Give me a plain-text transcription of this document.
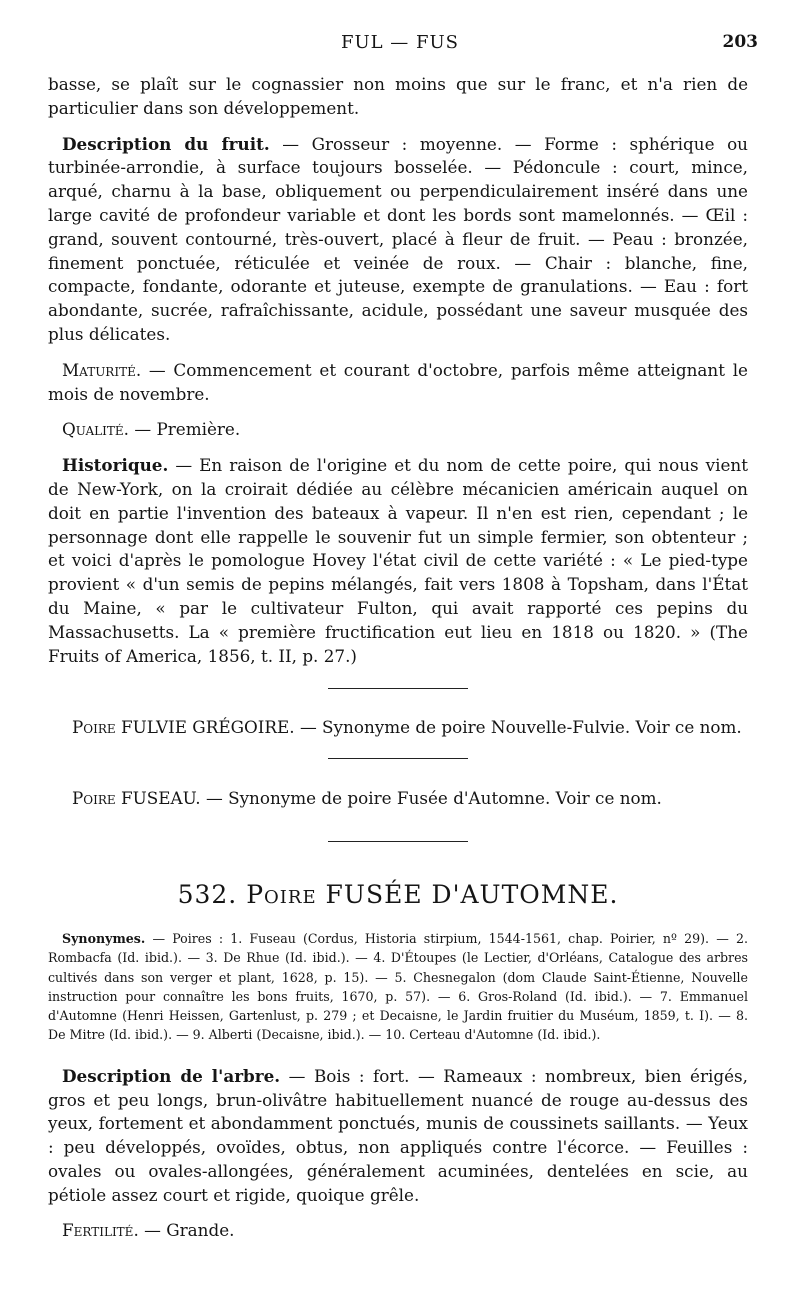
FUL — FUS	203

basse, se plaît sur le cognassier non moins que sur le franc, et n'a rien de particulier dans son développement.

Description du fruit. — Grosseur : moyenne. — Forme : sphérique ou turbinée-arrondie, à surface toujours bosselée. — Pédoncule : court, mince, arqué, charnu à la base, obliquement ou perpendiculairement inséré dans une large cavité de profondeur variable et dont les bords sont mamelonnés. — Œil : grand, souvent contourné, très-ouvert, placé à fleur de fruit. — Peau : bronzée, finement ponctuée, réticulée et veinée de roux. — Chair : blanche, fine, compacte, fondante, odorante et juteuse, exempte de granulations. — Eau : fort abondante, sucrée, rafraîchissante, acidule, possédant une saveur musquée des plus délicates.

Maturité. — Commencement et courant d'octobre, parfois même atteignant le mois de novembre.

Qualité. — Première.

Historique. — En raison de l'origine et du nom de cette poire, qui nous vient de New-York, on la croirait dédiée au célèbre mécanicien américain auquel on doit en partie l'invention des bateaux à vapeur. Il n'en est rien, cependant ; le personnage dont elle rappelle le souvenir fut un simple fermier, son obtenteur ; et voici d'après le pomologue Hovey l'état civil de cette variété : « Le pied-type provient « d'un semis de pepins mélangés, fait vers 1808 à Topsham, dans l'État du Maine, « par le cultivateur Fulton, qui avait rapporté ces pepins du Massachusetts. La « première fructification eut lieu en 1818 ou 1820. » (The Fruits of America, 1856, t. II, p. 27.)

Poire FULVIE GRÉGOIRE. — Synonyme de poire Nouvelle-Fulvie. Voir ce nom.

Poire FUSEAU. — Synonyme de poire Fusée d'Automne. Voir ce nom.

532. Poire FUSÉE D'AUTOMNE.

Synonymes. — Poires : 1. Fuseau (Cordus, Historia stirpium, 1544-1561, chap. Poirier, nº 29). — 2. Rombacfa (Id. ibid.). — 3. De Rhue (Id. ibid.). — 4. D'Étoupes (le Lectier, d'Orléans, Catalogue des arbres cultivés dans son verger et plant, 1628, p. 15). — 5. Chesnegalon (dom Claude Saint-Étienne, Nouvelle instruction pour connaître les bons fruits, 1670, p. 57). — 6. Gros-Roland (Id. ibid.). — 7. Emmanuel d'Automne (Henri Heissen, Gartenlust, p. 279 ; et Decaisne, le Jardin fruitier du Muséum, 1859, t. I). — 8. De Mitre (Id. ibid.). — 9. Alberti (Decaisne, ibid.). — 10. Certeau d'Automne (Id. ibid.).

Description de l'arbre. — Bois : fort. — Rameaux : nombreux, bien érigés, gros et peu longs, brun-olivâtre habituellement nuancé de rouge au-dessus des yeux, fortement et abondamment ponctués, munis de coussinets saillants. — Yeux : peu développés, ovoïdes, obtus, non appliqués contre l'écorce. — Feuilles : ovales ou ovales-allongées, généralement acuminées, dentelées en scie, au pétiole assez court et rigide, quoique grêle.

Fertilité. — Grande.
